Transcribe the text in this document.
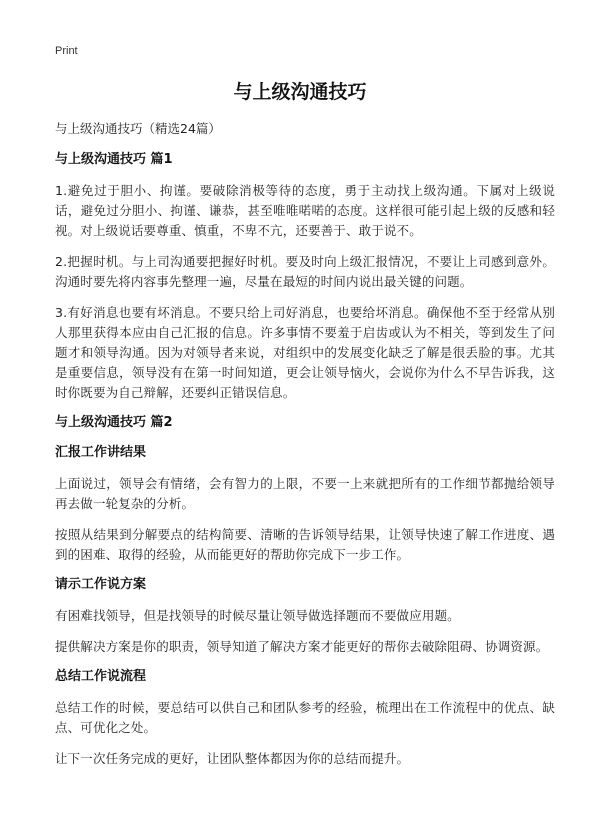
Print
与上级沟通技巧
与上级沟通技巧（精选24篇）
与上级沟通技巧 篇1

1.避免过于胆小、拘谨。要破除消极等待的态度，勇于主动找上级沟通。下属对上级说话，避免过分胆小、拘谨、谦恭，甚至唯唯喏喏的态度。这样很可能引起上级的反感和轻视。对上级说话要尊重、慎重，不卑不亢，还要善于、敢于说不。

2.把握时机。与上司沟通要把握好时机。要及时向上级汇报情况，不要让上司感到意外。沟通时要先将内容事先整理一遍，尽量在最短的时间内说出最关键的问题。

3.有好消息也要有坏消息。不要只给上司好消息，也要给坏消息。确保他不至于经常从别人那里获得本应由自己汇报的信息。许多事情不要羞于启齿或认为不相关，等到发生了问题才和领导沟通。因为对领导者来说，对组织中的发展变化缺乏了解是很丢脸的事。尤其是重要信息，领导没有在第一时间知道，更会让领导恼火，会说你为什么不早告诉我，这时你既要为自己辩解，还要纠正错误信息。

与上级沟通技巧 篇2
汇报工作讲结果

上面说过，领导会有情绪，会有智力的上限，不要一上来就把所有的工作细节都抛给领导再去做一轮复杂的分析。

按照从结果到分解要点的结构简要、清晰的告诉领导结果，让领导快速了解工作进度、遇到的困难、取得的经验，从而能更好的帮助你完成下一步工作。

请示工作说方案

有困难找领导，但是找领导的时候尽量让领导做选择题而不要做应用题。

提供解决方案是你的职责，领导知道了解决方案才能更好的帮你去破除阻碍、协调资源。

总结工作说流程

总结工作的时候，要总结可以供自己和团队参考的经验，梳理出在工作流程中的优点、缺点、可优化之处。

让下一次任务完成的更好，让团队整体都因为你的总结而提升。
